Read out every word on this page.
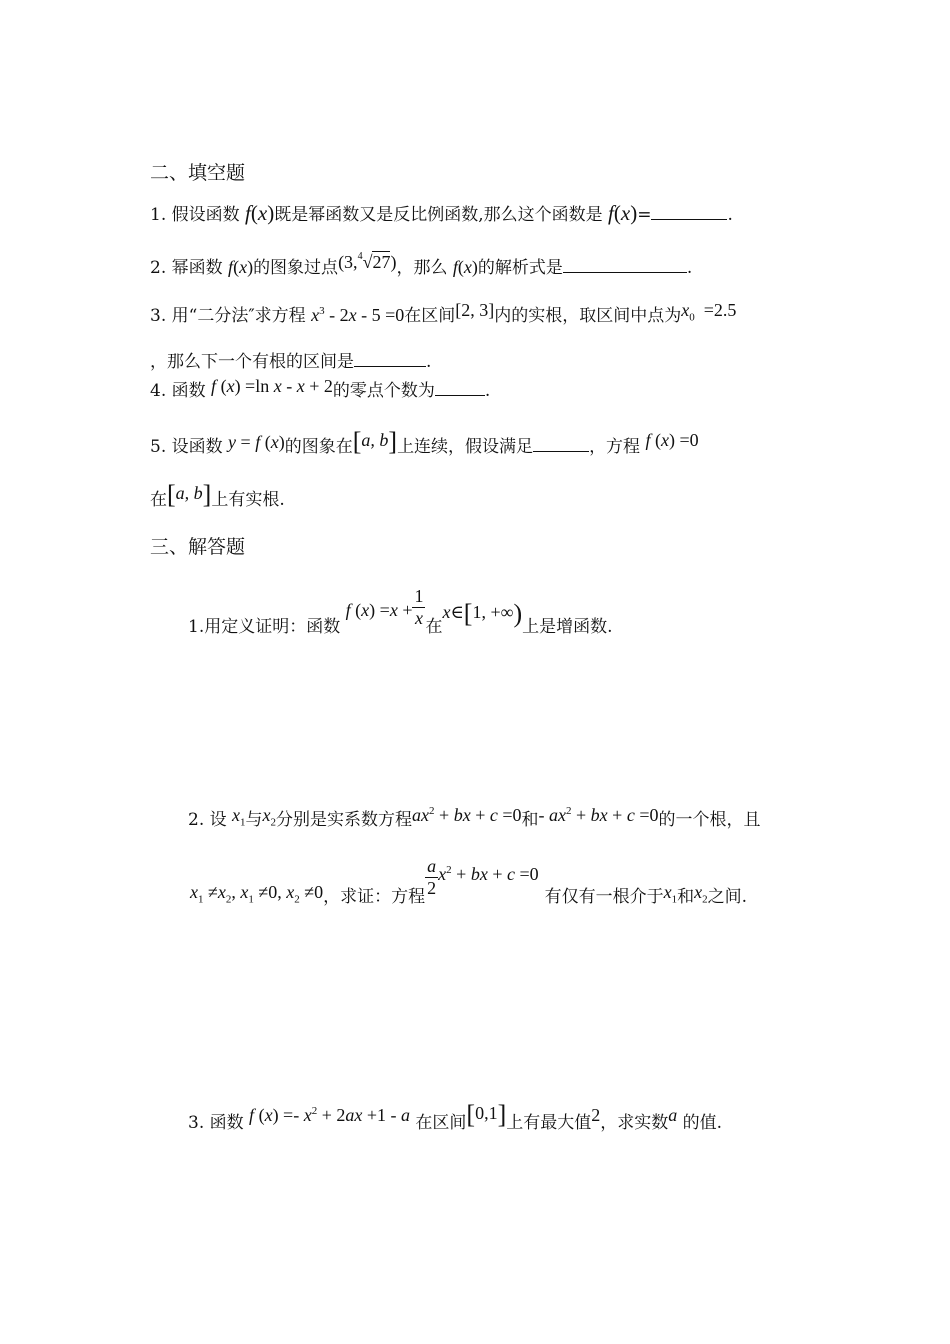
二、填空题
1. 假设函数 f(x)既是幂函数又是反比例函数,那么这个函数是 f(x)=	.
2. 幂函数 f(x)的图象过点(3,$^4$√27)，那么 f(x)的解析式是	.
3. 用“二分法″求方程 $x^3 - 2x - 5 =0$在区间[2, 3]内的实根，取区间中点为$x_0 =2.5$
，那么下一个有根的区间是	.
4. 函数 f (x) =ln x - x + 2的零点个数为	.
5. 设函数 y = f (x)的图象在[a, b]上连续，假设满足	，方程 f (x) =0
在[a, b]上有实根.
三、解答题
1.用定义证明：函数 f $(x) =x + \frac{1}{x}$ 在x∈[1, +∞)上是增函数.
2. 设 $x_1$与$x_2$分别是实系数方程$ax^2$ + bx + c =0和- $ax^2$ + bx + c =0的一个根，且
$x_1 \ne x_2$, $x_1 \ne 0$, $x_2 \ne 0$，求证：方程 $\frac{a}{2} x^2$ + bx + c =0有仅有一根介于$x_1$和$x_2$之间.
3. 函数 f $(x) =- x^2 + 2ax +1 - a$ 在区间[0,1]上有最大值2，求实数a 的值.
